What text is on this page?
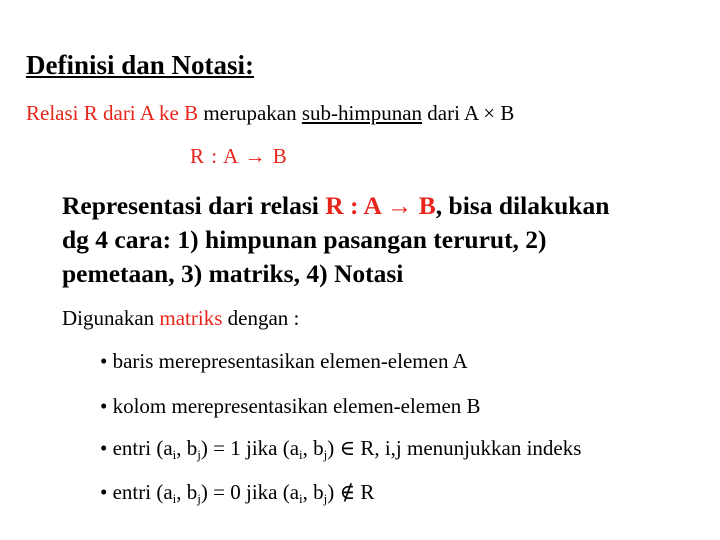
Definisi dan Notasi:
Relasi R dari A ke B merupakan sub-himpunan dari A × B
R : A → B
Representasi dari relasi R : A → B, bisa dilakukan
dg 4 cara: 1) himpunan pasangan terurut, 2)
pemetaan, 3) matriks, 4) Notasi
Digunakan matriks dengan :
• baris merepresentasikan elemen-elemen A
• kolom merepresentasikan elemen-elemen B
• entri ($a_i$, $b_j) = 1$ jika ($a_i$, $b_j$) ∈ R, i,j menunjukkan indeks
• entri ($a_i$, $b_j) = 0$ jika ($a_i$, $b_j$) ∉ R
